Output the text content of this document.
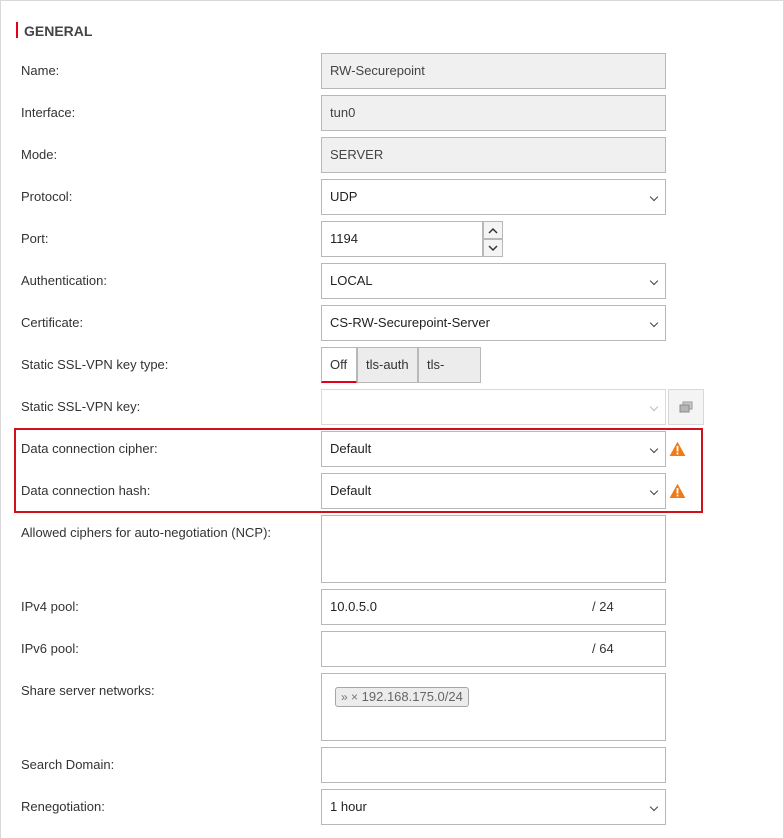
GENERAL
Name:	RW-Securepoint
Interface:	tun0
Mode:	SERVER
Protocol:	UDP
Port:	1194
Authentication:	LOCAL
Certificate:	CS-RW-Securepoint-Server
Static SSL-VPN key type:	Off	tls-auth	tls-
Static SSL-VPN key:
Data connection cipher:	Default
Data connection hash:	Default
Allowed ciphers for auto-negotiation (NCP):
IPv4 pool:	10.0.5.0	/ 24
IPv6 pool:	/ 64
Share server networks:	» × 192.168.175.0/24
Search Domain:
Renegotiation:	1 hour
